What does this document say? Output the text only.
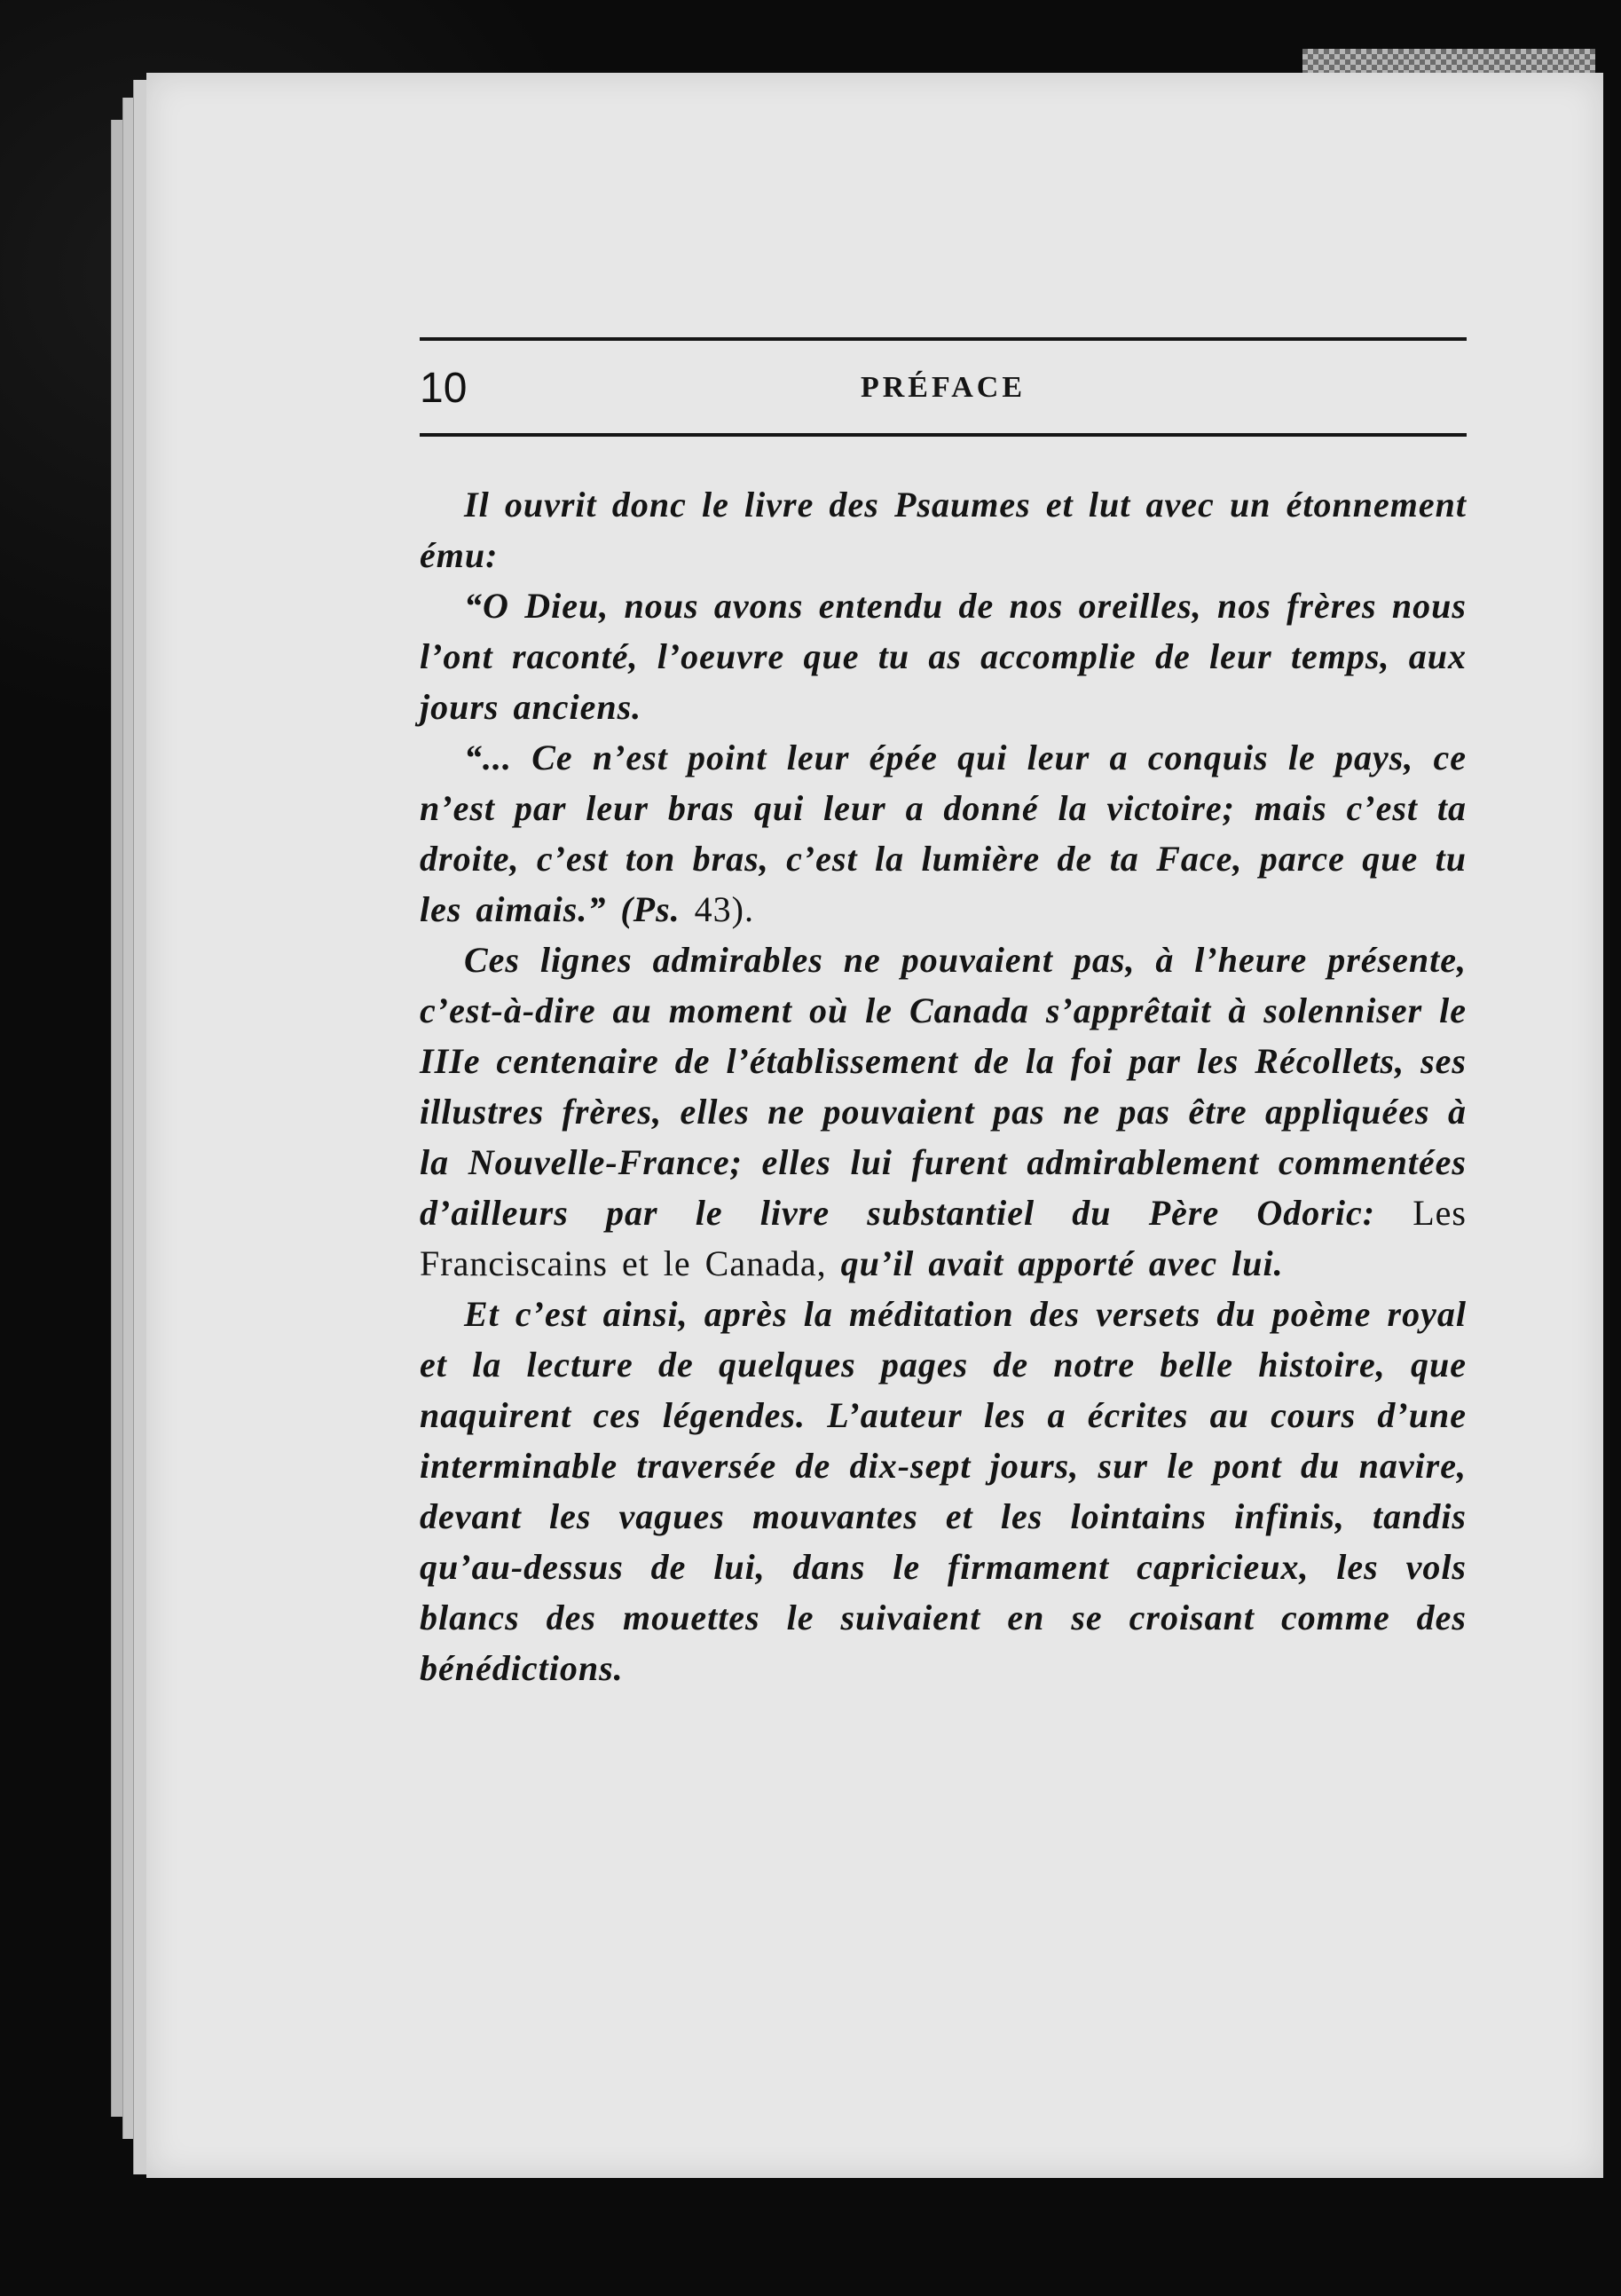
10	PRÉFACE

Il ouvrit donc le livre des Psaumes et lut avec un étonnement ému:

“O Dieu, nous avons entendu de nos oreilles, nos frères nous l’ont raconté, l’oeuvre que tu as accomplie de leur temps, aux jours anciens.

“... Ce n’est point leur épée qui leur a conquis le pays, ce n’est par leur bras qui leur a donné la victoire; mais c’est ta droite, c’est ton bras, c’est la lumière de ta Face, parce que tu les aimais.” (Ps. 43).

Ces lignes admirables ne pouvaient pas, à l’heure présente, c’est-à-dire au moment où le Canada s’apprêtait à solenniser le IIIe centenaire de l’établissement de la foi par les Récollets, ses illustres frères, elles ne pouvaient pas ne pas être appliquées à la Nouvelle-France; elles lui furent admirablement commentées d’ailleurs par le livre substantiel du Père Odoric: Les Franciscains et le Canada, qu’il avait apporté avec lui.

Et c’est ainsi, après la méditation des versets du poème royal et la lecture de quelques pages de notre belle histoire, que naquirent ces légendes. L’auteur les a écrites au cours d’une interminable traversée de dix-sept jours, sur le pont du navire, devant les vagues mouvantes et les lointains infinis, tandis qu’au-dessus de lui, dans le firmament capricieux, les vols blancs des mouettes le suivaient en se croisant comme des bénédictions.
